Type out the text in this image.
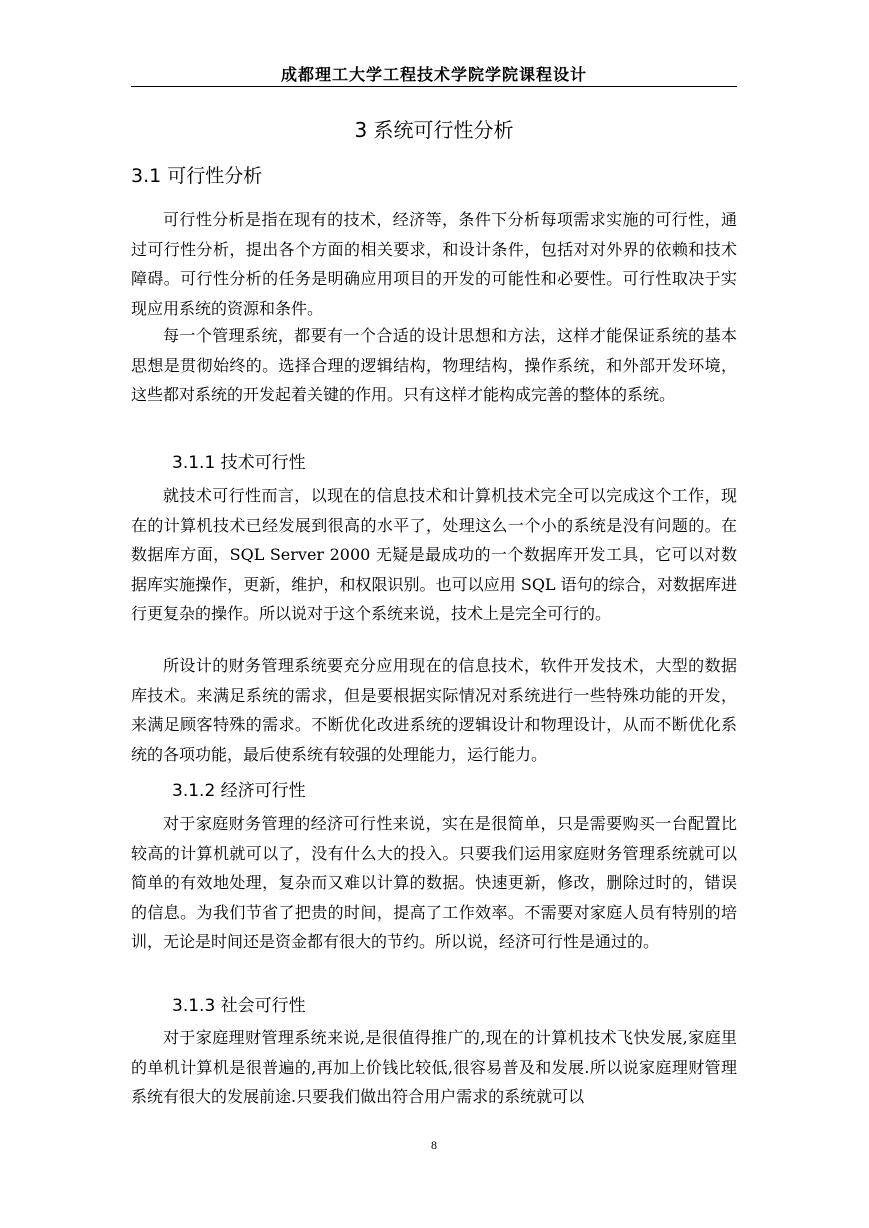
成都理工大学工程技术学院学院课程设计
3 系统可行性分析
3.1 可行性分析

可行性分析是指在现有的技术，经济等，条件下分析每项需求实施的可行性，通过可行性分析，提出各个方面的相关要求，和设计条件，包括对对外界的依赖和技术障碍。可行性分析的任务是明确应用项目的开发的可能性和必要性。可行性取决于实现应用系统的资源和条件。

每一个管理系统，都要有一个合适的设计思想和方法，这样才能保证系统的基本思想是贯彻始终的。选择合理的逻辑结构，物理结构，操作系统，和外部开发环境，这些都对系统的开发起着关键的作用。只有这样才能构成完善的整体的系统。

3.1.1 技术可行性

就技术可行性而言，以现在的信息技术和计算机技术完全可以完成这个工作，现在的计算机技术已经发展到很高的水平了，处理这么一个小的系统是没有问题的。在数据库方面，SQL Server 2000 无疑是最成功的一个数据库开发工具，它可以对数据库实施操作，更新，维护，和权限识别。也可以应用 SQL 语句的综合，对数据库进行更复杂的操作。所以说对于这个系统来说，技术上是完全可行的。

所设计的财务管理系统要充分应用现在的信息技术，软件开发技术，大型的数据库技术。来满足系统的需求，但是要根据实际情况对系统进行一些特殊功能的开发，来满足顾客特殊的需求。不断优化改进系统的逻辑设计和物理设计，从而不断优化系统的各项功能，最后使系统有较强的处理能力，运行能力。

3.1.2 经济可行性

对于家庭财务管理的经济可行性来说，实在是很简单，只是需要购买一台配置比较高的计算机就可以了，没有什么大的投入。只要我们运用家庭财务管理系统就可以简单的有效地处理，复杂而又难以计算的数据。快速更新，修改，删除过时的，错误的信息。为我们节省了把贵的时间，提高了工作效率。不需要对家庭人员有特别的培训，无论是时间还是资金都有很大的节约。所以说，经济可行性是通过的。

3.1.3 社会可行性

对于家庭理财管理系统来说,是很值得推广的,现在的计算机技术飞快发展,家庭里的单机计算机是很普遍的,再加上价钱比较低,很容易普及和发展.所以说家庭理财管理系统有很大的发展前途.只要我们做出符合用户需求的系统就可以

8
